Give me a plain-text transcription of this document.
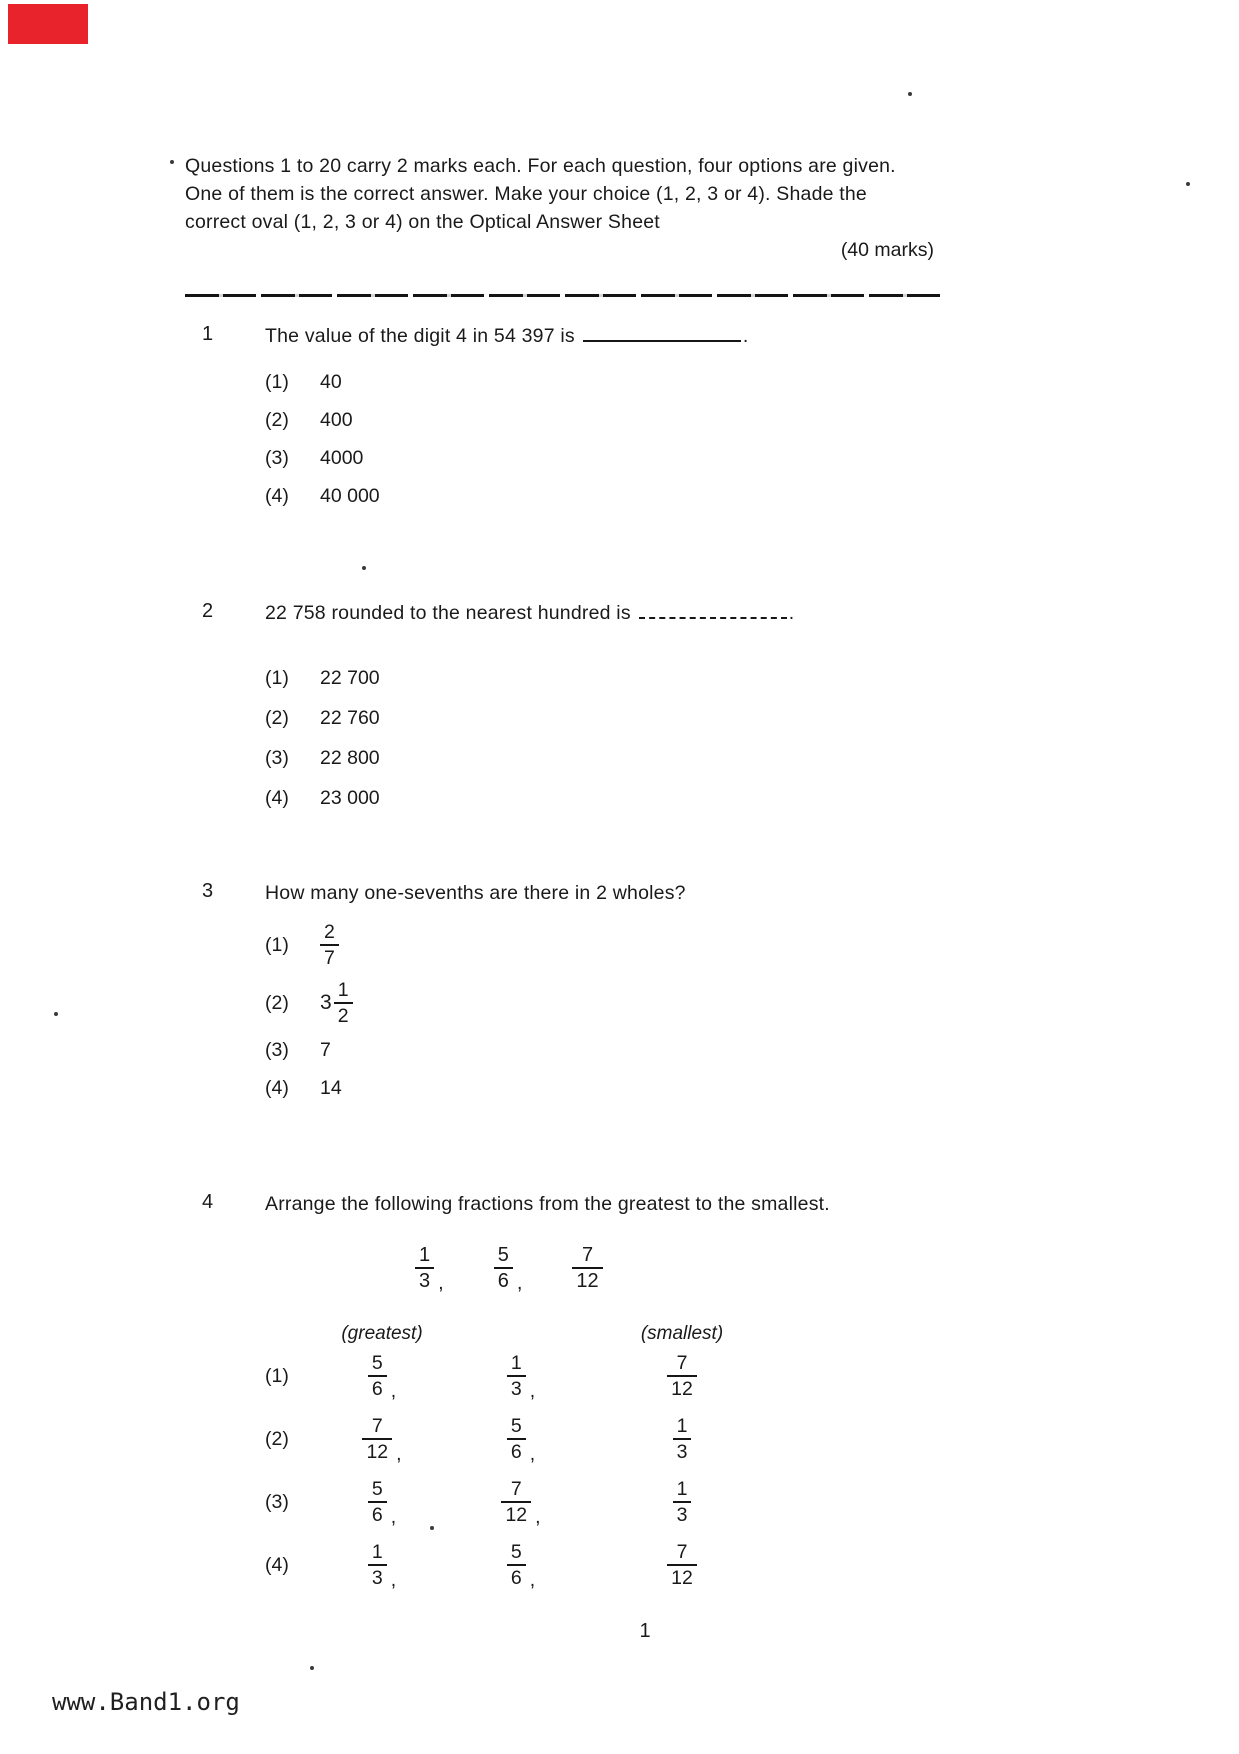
Questions 1 to 20 carry 2 marks each. For each question, four options are given.

One of them is the correct answer. Make your choice (1, 2, 3 or 4). Shade the

correct oval (1, 2, 3 or 4) on the Optical Answer Sheet

(40 marks)
1	The value of the digit 4 in 54 397 is	.

(1)	40
(2)	400
(3)	4000
(4)	40 000
2	22 758 rounded to the nearest hundred is	.

(1)	22 700
(2)	22 760
(3)	22 800
(4)	23 000
3	How many one-sevenths are there in 2 wholes?

(1)	$\frac{2}{7}$
(2)	$3 \frac{1}{2}$
(3)	7
(4)	14
4	Arrange the following fractions from the greatest to the smallest.

$\frac{1}{3}$ ,	$\frac{5}{6}$ ,	$\frac{7}{12}$
(greatest)	(smallest)
(1)	$\frac{5}{6}$ ,	$\frac{1}{3}$ ,	$\frac{7}{12}$
(2)	$\frac{7}{12}$ ,	$\frac{5}{6}$ ,	$\frac{1}{3}$
(3)	$\frac{5}{6}$ ,	$\frac{7}{12}$ ,	$\frac{1}{3}$
(4)	$\frac{1}{3}$ ,	$\frac{5}{6}$ ,	$\frac{7}{12}$
1
www.Band1.org
